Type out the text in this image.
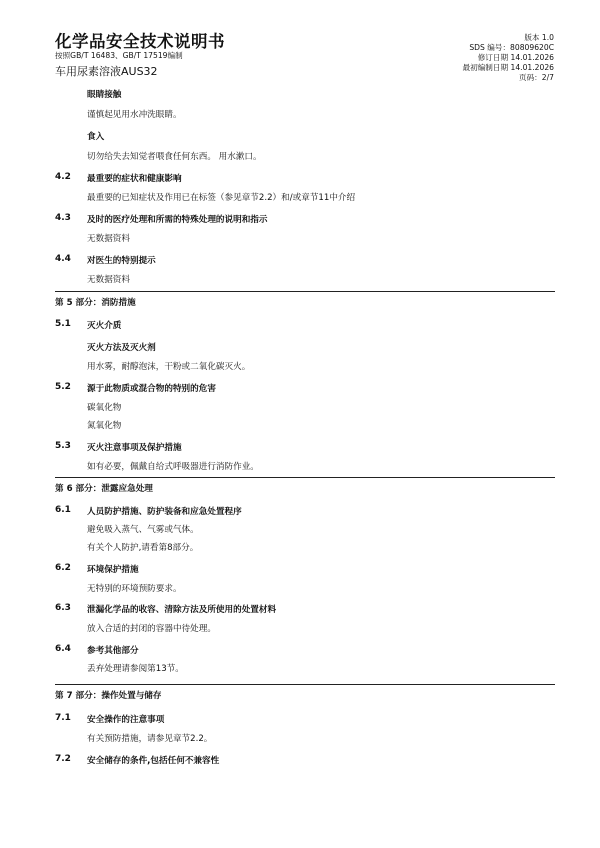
化学品安全技术说明书
按照GB/T 16483、GB/T 17519编制
车用尿素溶液AUS32
版本 1.0
SDS 编号：80809620C
修订日期 14.01.2026
最初编制日期 14.01.2026
页码：2/7
眼睛接触
谨慎起见用水冲洗眼睛。
食入
切勿给失去知觉者喂食任何东西。 用水漱口。
4.2 最重要的症状和健康影响
最重要的已知症状及作用已在标签（参见章节2.2）和/或章节11中介绍
4.3 及时的医疗处理和所需的特殊处理的说明和指示
无数据资料
4.4 对医生的特别提示
无数据资料
第 5 部分：消防措施
5.1 灭火介质
灭火方法及灭火剂
用水雾，耐醇泡沫，干粉或二氧化碳灭火。
5.2 源于此物质或混合物的特别的危害
碳氧化物
氮氧化物
5.3 灭火注意事项及保护措施
如有必要，佩戴自给式呼吸器进行消防作业。
第 6 部分：泄露应急处理
6.1 人员防护措施、防护装备和应急处置程序
避免吸入蒸气、气雾或气体。
有关个人防护,请看第8部分。
6.2 环境保护措施
无特别的环境预防要求。
6.3 泄漏化学品的收容、清除方法及所使用的处置材料
放入合适的封闭的容器中待处理。
6.4 参考其他部分
丢弃处理请参阅第13节。
第 7 部分：操作处置与储存
7.1 安全操作的注意事项
有关预防措施，请参见章节2.2。
7.2 安全储存的条件,包括任何不兼容性
